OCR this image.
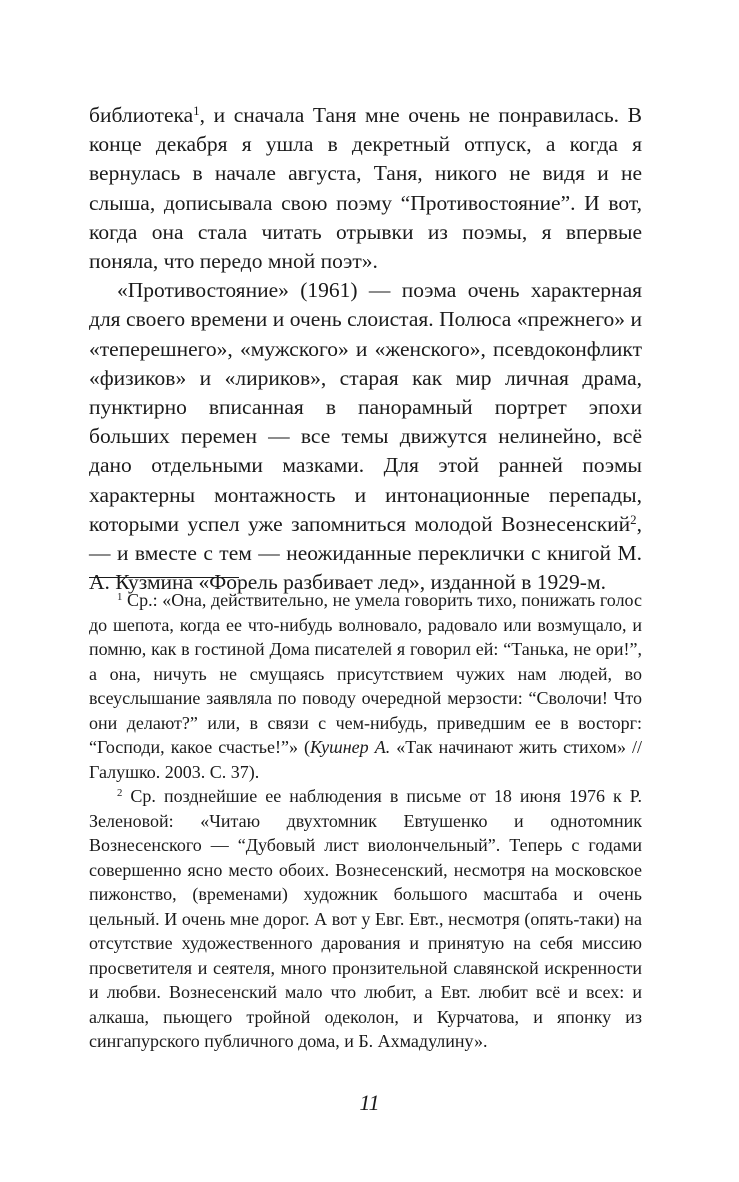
библиотека$^1$, и сначала Таня мне очень не понравилась. В конце декабря я ушла в декретный отпуск, а когда я вернулась в начале августа, Таня, никого не видя и не слыша, дописывала свою поэму “Противостояние”. И вот, когда она стала читать отрывки из поэмы, я впервые поняла, что передо мной поэт».

«Противостояние» (1961) — поэма очень характерная для своего времени и очень слоистая. Полюса «прежнего» и «теперешнего», «мужского» и «женского», псевдоконфликт «физиков» и «лириков», старая как мир личная драма, пунктирно вписанная в панорамный портрет эпохи больших перемен — все темы движутся нелинейно, всё дано отдельными мазками. Для этой ранней поэмы характерны монтажность и интонационные перепады, которыми успел уже запомниться молодой Вознесенский$^2$, — и вместе с тем — неожиданные переклички с книгой М. А. Кузмина «Форель разбивает лед», изданной в 1929-м.

$^1$ Ср.: «Она, действительно, не умела говорить тихо, понижать голос до шепота, когда ее что-нибудь волновало, радовало или возмущало, и помню, как в гостиной Дома писателей я говорил ей: “Танька, не ори!”, а она, ничуть не смущаясь присутствием чужих нам людей, во всеуслышание заявляла по поводу очередной мерзости: “Сволочи! Что они делают?” или, в связи с чем-нибудь, приведшим ее в восторг: “Господи, какое счастье!”» (Кушнер А. «Так начинают жить стихом» // Галушко. 2003. С. 37).

$^2$ Ср. позднейшие ее наблюдения в письме от 18 июня 1976 к Р. Зеленовой: «Читаю двухтомник Евтушенко и однотомник Вознесенского — “Дубовый лист виолончельный”. Теперь с годами совершенно ясно место обоих. Вознесенский, несмотря на московское пижонство, (временами) художник большого масштаба и очень цельный. И очень мне дорог. А вот у Евг. Евт., несмотря (опять-таки) на отсутствие художественного дарования и принятую на себя миссию просветителя и сеятеля, много пронзительной славянской искренности и любви. Вознесенский мало что любит, а Евт. любит всё и всех: и алкаша, пьющего тройной одеколон, и Курчатова, и японку из сингапурского публичного дома, и Б. Ахмадулину».

11
